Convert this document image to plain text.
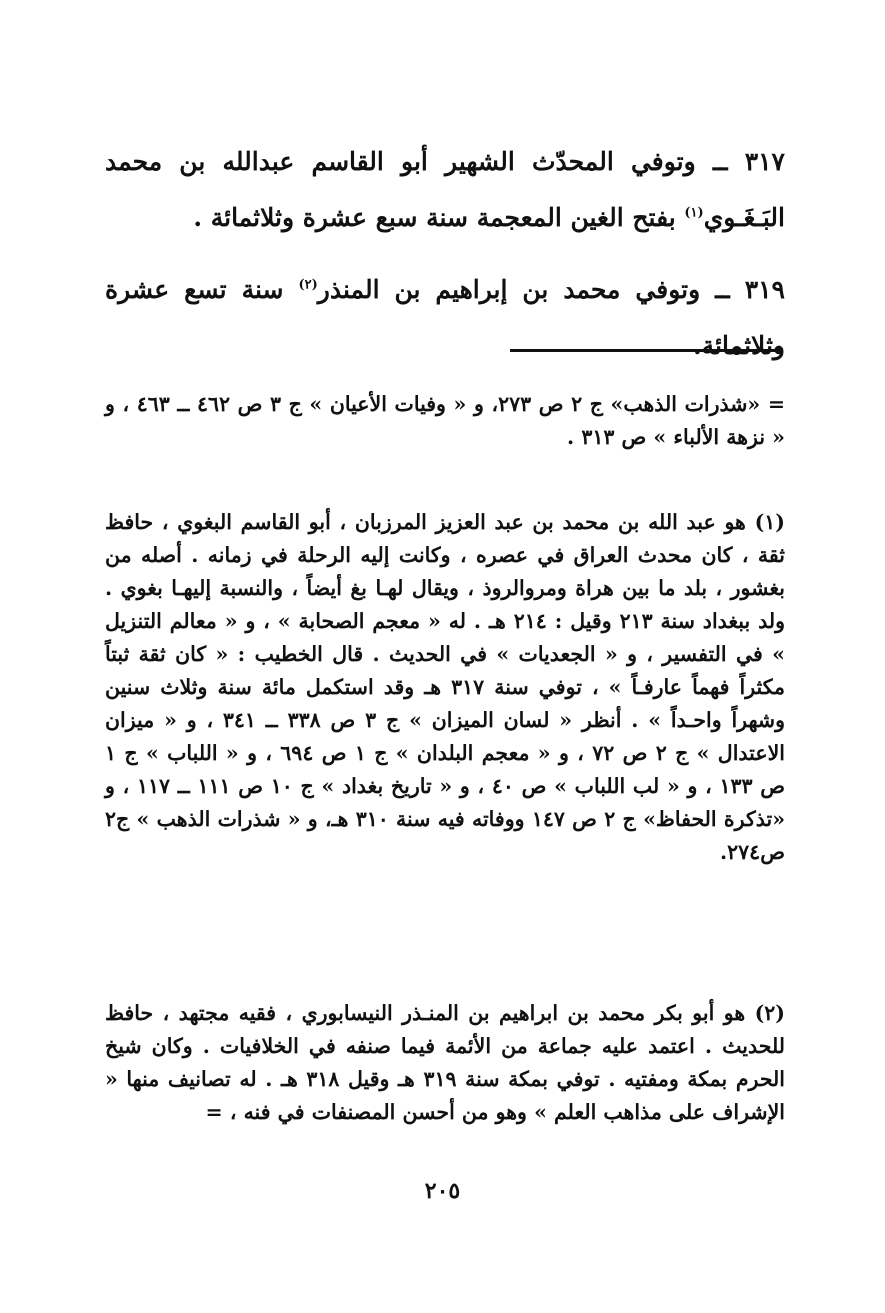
٣١٧ ــ وتوفي المحدّث الشهير أبو القاسم عبدالله بن محمد البَـغَـوي$^{(١)}$ بفتح الغين المعجمة سنة سبع عشرة وثلاثمائة .

٣١٩ ــ وتوفي محمد بن إبراهيم بن المنذر$^{(٢)}$ سنة تسع عشرة وثلاثمائة.

= «شذرات الذهب» ج ٢ ص ٢٧٣، و « وفيات الأعيان » ج ٣ ص ٤٦٢ ــ ٤٦٣ ، و « نزهة الألباء » ص ٣١٣ .

(١) هو عبد الله بن محمد بن عبد العزيز المرزبان ، أبو القاسم البغوي ، حافظ ثقة ، كان محدث العراق في عصره ، وكانت إليه الرحلة في زمانه . أصله من بغشور ، بلد ما بين هراة ومروالروذ ، ويقال لهـا بغ أيضاً ، والنسبة إليهـا بغوي . ولد ببغداد سنة ٢١٣ وقيل : ٢١٤ هـ . له « معجم الصحابة » ، و « معالم التنزيل » في التفسير ، و « الجعديات » في الحديث . قال الخطيب : « كان ثقة ثبتاً مكثراً فهماً عارفـاً » ، توفي سنة ٣١٧ هـ وقد استكمل مائة سنة وثلاث سنين وشهراً واحـداً » . أنظر « لسان الميزان » ج ٣ ص ٣٣٨ ــ ٣٤١ ، و « ميزان الاعتدال » ج ٢ ص ٧٢ ، و « معجم البلدان » ج ١ ص ٦٩٤ ، و « اللباب » ج ١ ص ١٣٣ ، و « لب اللباب » ص ٤٠ ، و « تاريخ بغداد » ج ١٠ ص ١١١ ــ ١١٧ ، و «تذكرة الحفاظ» ج ٢ ص ١٤٧ ووفاته فيه سنة ٣١٠ هـ، و « شذرات الذهب » ج٢ ص٢٧٤.

(٢) هو أبو بكر محمد بن ابراهيم بن المنـذر النيسابوري ، فقيه مجتهد ، حافظ للحديث . اعتمد عليه جماعة من الأئمة فيما صنفه في الخلافيات . وكان شيخ الحرم بمكة ومفتيه . توفي بمكة سنة ٣١٩ هـ وقيل ٣١٨ هـ . له تصانيف منها « الإشراف على مذاهب العلم » وهو من أحسن المصنفات في فنه ، =

٢٠٥
